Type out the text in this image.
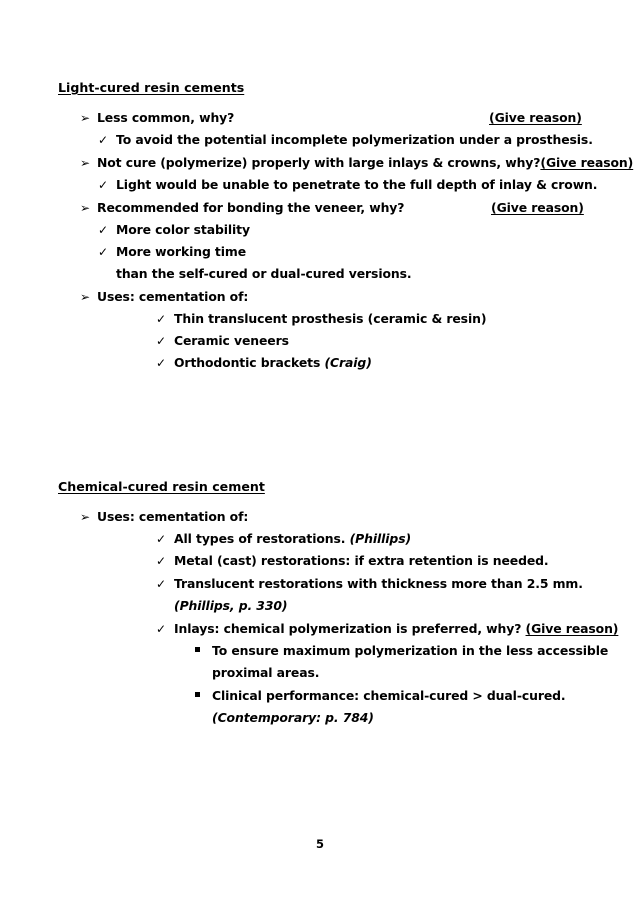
Light-cured resin cements
➢ Less common, why?	(Give reason)
✓ To avoid the potential incomplete polymerization under a prosthesis.
➢ Not cure (polymerize) properly with large inlays & crowns, why?(Give reason)
✓ Light would be unable to penetrate to the full depth of inlay & crown.
➢ Recommended for bonding the veneer, why?	(Give reason)
✓ More color stability
✓ More working time
than the self-cured or dual-cured versions.
➢ Uses: cementation of:
✓ Thin translucent prosthesis (ceramic & resin)
✓ Ceramic veneers
✓ Orthodontic brackets (Craig)
Chemical-cured resin cement
➢ Uses: cementation of:
✓ All types of restorations. (Phillips)
✓ Metal (cast) restorations: if extra retention is needed.
✓ Translucent restorations with thickness more than 2.5 mm.
(Phillips, p. 330)
✓ Inlays: chemical polymerization is preferred, why? (Give reason)
To ensure maximum polymerization in the less accessible
proximal areas.
Clinical performance: chemical-cured > dual-cured.
(Contemporary: p. 784)
5
